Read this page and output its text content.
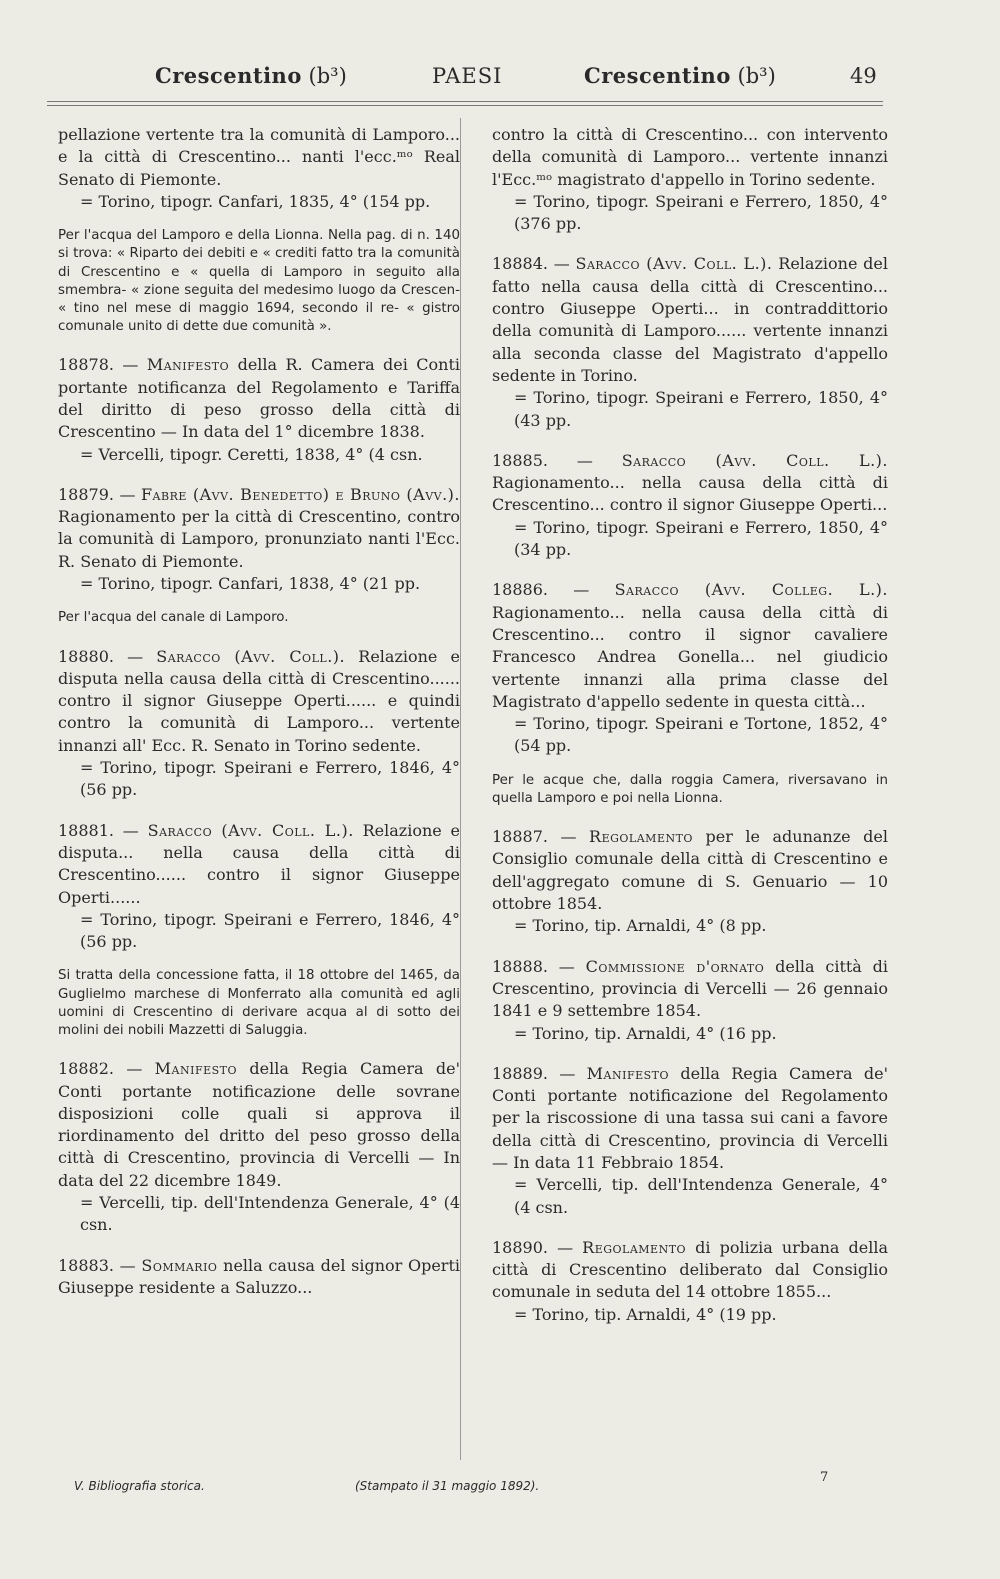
Crescentino (b³)	PAESI	Crescentino (b³)	49

pellazione vertente tra la comunità di Lamporo... e la città di Crescentino... nanti l'ecc.ᵐᵒ Real Senato di Piemonte.
= Torino, tipogr. Canfari, 1835, 4° (154 pp.

Per l'acqua del Lamporo e della Lionna. Nella pag. di n. 140 si trova: « Riparto dei debiti e « crediti fatto tra la comunità di Crescentino e « quella di Lamporo in seguito alla smembra- « zione seguita del medesimo luogo da Crescen- « tino nel mese di maggio 1694, secondo il re- « gistro comunale unito di dette due comunità ».

18878. — Manifesto della R. Camera dei Conti portante notificanza del Regolamento e Tariffa del diritto di peso grosso della città di Crescentino — In data del 1° dicembre 1838.
= Vercelli, tipogr. Ceretti, 1838, 4° (4 csn.

18879. — Fabre (Avv. Benedetto) e Bruno (Avv.). Ragionamento per la città di Crescentino, contro la comunità di Lamporo, pronunziato nanti l'Ecc. R. Senato di Piemonte.
= Torino, tipogr. Canfari, 1838, 4° (21 pp.

Per l'acqua del canale di Lamporo.

18880. — Saracco (Avv. Coll.). Relazione e disputa nella causa della città di Crescentino...... contro il signor Giuseppe Operti...... e quindi contro la comunità di Lamporo... vertente innanzi all' Ecc. R. Senato in Torino sedente.
= Torino, tipogr. Speirani e Ferrero, 1846, 4° (56 pp.

18881. — Saracco (Avv. Coll. L.). Relazione e disputa... nella causa della città di Crescentino...... contro il signor Giuseppe Operti......
= Torino, tipogr. Speirani e Ferrero, 1846, 4° (56 pp.

Si tratta della concessione fatta, il 18 ottobre del 1465, da Guglielmo marchese di Monferrato alla comunità ed agli uomini di Crescentino di derivare acqua al di sotto dei molini dei nobili Mazzetti di Saluggia.

18882. — Manifesto della Regia Camera de' Conti portante notificazione delle sovrane disposizioni colle quali si approva il riordinamento del dritto del peso grosso della città di Crescentino, provincia di Vercelli — In data del 22 dicembre 1849.
= Vercelli, tip. dell'Intendenza Generale, 4° (4 csn.

18883. — Sommario nella causa del signor Operti Giuseppe residente a Saluzzo...

contro la città di Crescentino... con intervento della comunità di Lamporo... vertente innanzi l'Ecc.ᵐᵒ magistrato d'appello in Torino sedente.
= Torino, tipogr. Speirani e Ferrero, 1850, 4° (376 pp.

18884. — Saracco (Avv. Coll. L.). Relazione del fatto nella causa della città di Crescentino... contro Giuseppe Operti... in contraddittorio della comunità di Lamporo...... vertente innanzi alla seconda classe del Magistrato d'appello sedente in Torino.
= Torino, tipogr. Speirani e Ferrero, 1850, 4° (43 pp.

18885. — Saracco (Avv. Coll. L.). Ragionamento... nella causa della città di Crescentino... contro il signor Giuseppe Operti...
= Torino, tipogr. Speirani e Ferrero, 1850, 4° (34 pp.

18886. — Saracco (Avv. Colleg. L.). Ragionamento... nella causa della città di Crescentino... contro il signor cavaliere Francesco Andrea Gonella... nel giudicio vertente innanzi alla prima classe del Magistrato d'appello sedente in questa città...
= Torino, tipogr. Speirani e Tortone, 1852, 4° (54 pp.

Per le acque che, dalla roggia Camera, riversavano in quella Lamporo e poi nella Lionna.

18887. — Regolamento per le adunanze del Consiglio comunale della città di Crescentino e dell'aggregato comune di S. Genuario — 10 ottobre 1854.
= Torino, tip. Arnaldi, 4° (8 pp.

18888. — Commissione d'ornato della città di Crescentino, provincia di Vercelli — 26 gennaio 1841 e 9 settembre 1854.
= Torino, tip. Arnaldi, 4° (16 pp.

18889. — Manifesto della Regia Camera de' Conti portante notificazione del Regolamento per la riscossione di una tassa sui cani a favore della città di Crescentino, provincia di Vercelli — In data 11 Febbraio 1854.
= Vercelli, tip. dell'Intendenza Generale, 4° (4 csn.

18890. — Regolamento di polizia urbana della città di Crescentino deliberato dal Consiglio comunale in seduta del 14 ottobre 1855...
= Torino, tip. Arnaldi, 4° (19 pp.

V. Bibliografia storica.	(Stampato il 31 maggio 1892).
7
